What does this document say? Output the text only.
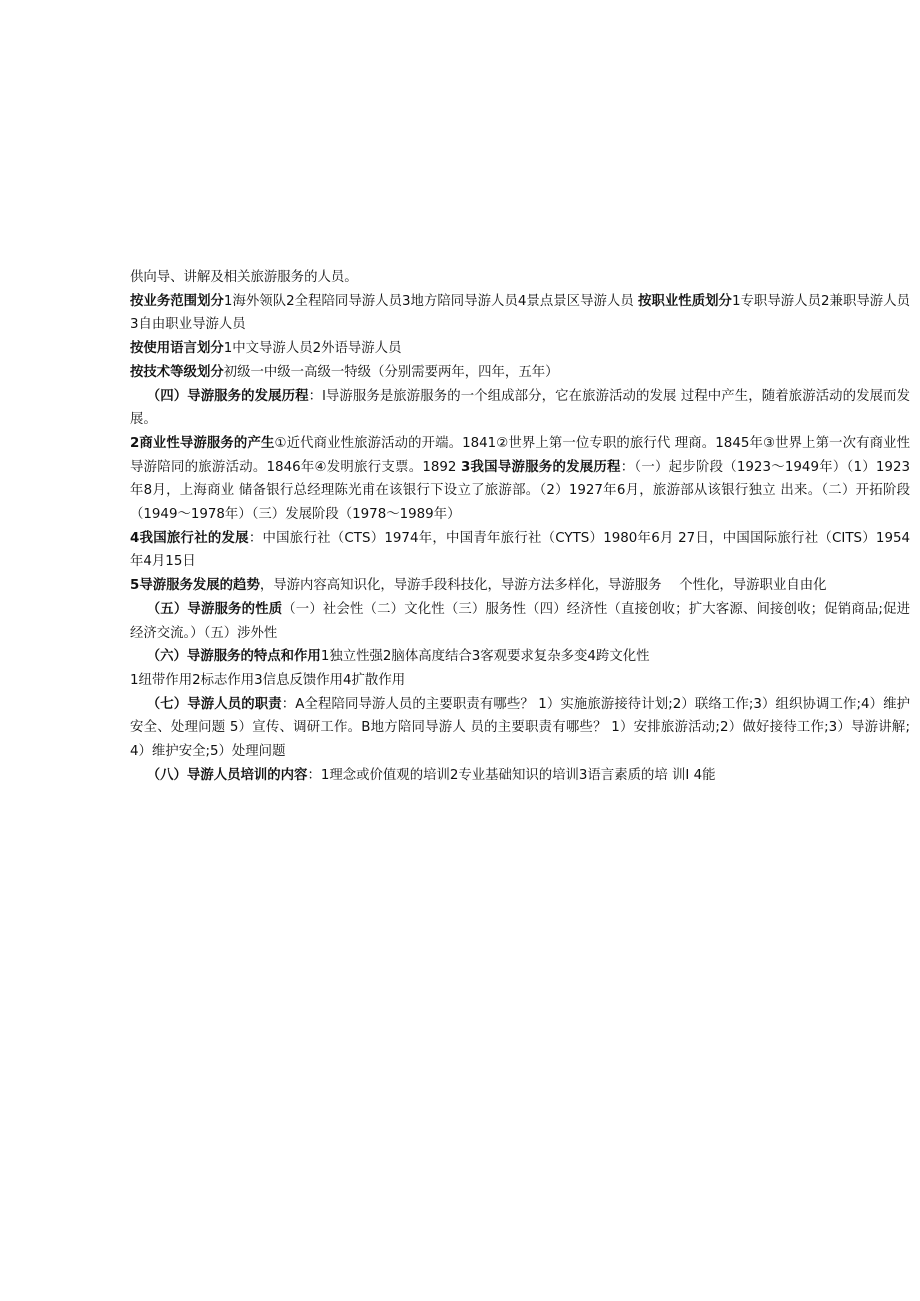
供向导、讲解及相关旅游服务的人员。

按业务范围划分1海外领队2全程陪同导游人员3地方陪同导游人员4景点景区导游人员 按职业性质划分1专职导游人员2兼职导游人员3自由职业导游人员

按使用语言划分1中文导游人员2外语导游人员

按技术等级划分初级一中级一高级一特级（分别需要两年，四年，五年）

（四）导游服务的发展历程：l导游服务是旅游服务的一个组成部分，它在旅游活动的发展 过程中产生，随着旅游活动的发展而发展。

2商业性导游服务的产生①近代商业性旅游活动的开端。1841②世界上第一位专职的旅行代 理商。1845年③世界上第一次有商业性导游陪同的旅游活动。1846年④发明旅行支票。1892 3我国导游服务的发展历程：（一）起步阶段（1923～1949年）（1）1923年8月，上海商业 储备银行总经理陈光甫在该银行下设立了旅游部。（2）1927年6月，旅游部从该银行独立 出来。（二）开拓阶段（1949～1978年）（三）发展阶段（1978～1989年）

4我国旅行社的发展：中国旅行社（CTS）1974年，中国青年旅行社（CYTS）1980年6月 27日，中国国际旅行社（CITS）1954年4月15日

5导游服务发展的趋势，导游内容高知识化，导游手段科技化，导游方法多样化，导游服务　 个性化，导游职业自由化

（五）导游服务的性质（一）社会性（二）文化性（三）服务性（四）经济性（直接创收；扩大客源、间接创收；促销商品;促进经济交流。）（五）涉外性

（六）导游服务的特点和作用1独立性强2脑体高度结合3客观要求复杂多变4跨文化性

1纽带作用2标志作用3信息反馈作用4扩散作用

（七）导游人员的职责：A全程陪同导游人员的主要职责有哪些？ 1）实施旅游接待计划;2）联络工作;3）组织协调工作;4）维护安全、处理问题 5）宣传、调研工作。B地方陪同导游人 员的主要职责有哪些？ 1）安排旅游活动;2）做好接待工作;3）导游讲解;4）维护安全;5）处理问题

（八）导游人员培训的内容：1理念或价值观的培训2专业基础知识的培训3语言素质的培 训I 4能
